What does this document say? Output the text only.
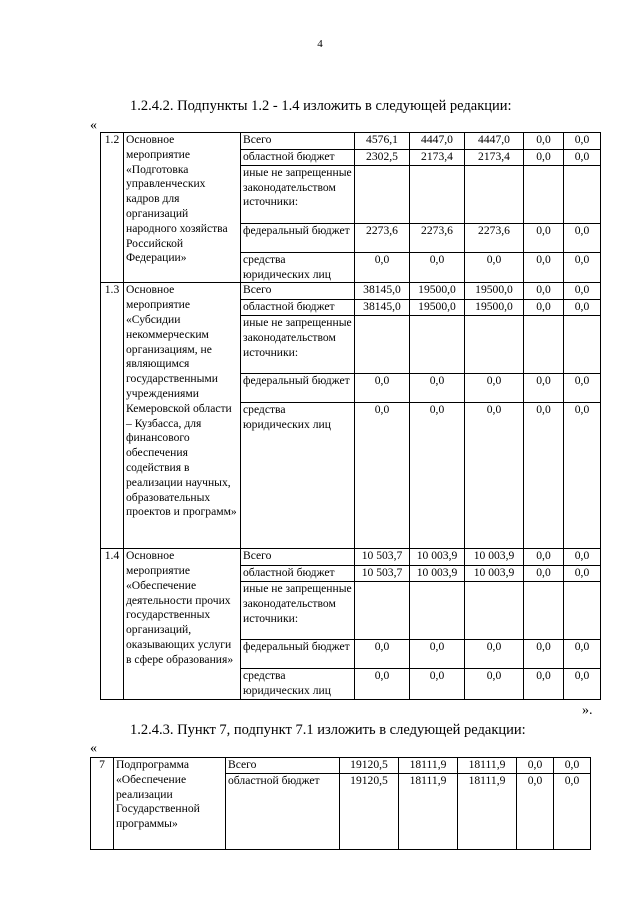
4
1.2.4.2. Подпункты 1.2 - 1.4 изложить в следующей редакции:
«
1.2	Основное мероприятие «Подготовка управленческих кадров для организаций народного хозяйства Российской Федерации»	Всего	4576,1	4447,0	4447,0	0,0	0,0
		областной бюджет	2302,5	2173,4	2173,4	0,0	0,0
		иные не запрещенные законодательством источники:					
		федеральный бюджет	2273,6	2273,6	2273,6	0,0	0,0
		средства юридических лиц	0,0	0,0	0,0	0,0	0,0
1.3	Основное мероприятие «Субсидии некоммерческим организациям, не являющимся государственными учреждениями Кемеровской области – Кузбасса, для финансового обеспечения содействия в реализации научных, образовательных проектов и программ»	Всего	38145,0	19500,0	19500,0	0,0	0,0
		областной бюджет	38145,0	19500,0	19500,0	0,0	0,0
		иные не запрещенные законодательством источники:					
		федеральный бюджет	0,0	0,0	0,0	0,0	0,0
		средства юридических лиц	0,0	0,0	0,0	0,0	0,0
1.4	Основное мероприятие «Обеспечение деятельности прочих государственных организаций, оказывающих услуги в сфере образования»	Всего	10 503,7	10 003,9	10 003,9	0,0	0,0
		областной бюджет	10 503,7	10 003,9	10 003,9	0,0	0,0
		иные не запрещенные законодательством источники:					
		федеральный бюджет	0,0	0,0	0,0	0,0	0,0
		средства юридических лиц	0,0	0,0	0,0	0,0	0,0
».
1.2.4.3. Пункт 7, подпункт 7.1 изложить в следующей редакции:
«
7	Подпрограмма «Обеспечение реализации Государственной программы»	Всего	19120,5	18111,9	18111,9	0,0	0,0
		областной бюджет	19120,5	18111,9	18111,9	0,0	0,0
